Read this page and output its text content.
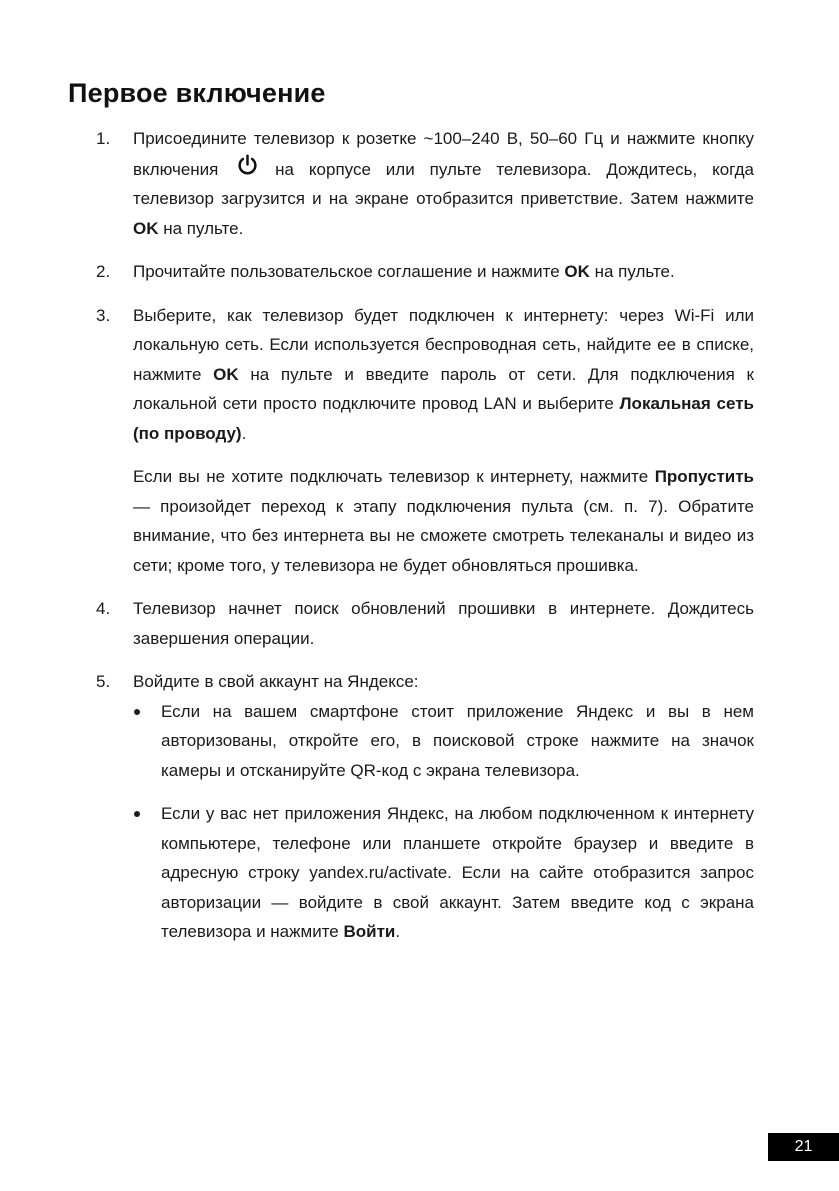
Первое включение
1. Присоедините телевизор к розетке ~100–240 В, 50–60 Гц и нажмите кнопку включения  на корпусе или пульте телевизора. Дождитесь, когда телевизор загрузится и на экране отобразится приветствие. Затем нажмите OK на пульте.

2. Прочитайте пользовательское соглашение и нажмите OK на пульте.

3. Выберите, как телевизор будет подключен к интернету: через Wi-Fi или локальную сеть. Если используется беспроводная сеть, найдите ее в списке, нажмите OK на пульте и введите пароль от сети. Для подключения к локальной сети просто подключите провод LAN и выберите Локальная сеть (по проводу).

Если вы не хотите подключать телевизор к интернету, нажмите Пропустить — произойдет переход к этапу подключения пульта (см. п. 7). Обратите внимание, что без интернета вы не сможете смотреть телеканалы и видео из сети; кроме того, у телевизора не будет обновляться прошивка.

4. Телевизор начнет поиск обновлений прошивки в интернете. Дождитесь завершения операции.

5. Войдите в свой аккаунт на Яндексе:

Если на вашем смартфоне стоит приложение Яндекс и вы в нем авторизованы, откройте его, в поисковой строке нажмите на значок камеры и отсканируйте QR-код с экрана телевизора.
Если у вас нет приложения Яндекс, на любом подключенном к интернету компьютере, телефоне или планшете откройте браузер и введите в адресную строку yandex.ru/activate. Если на сайте отобразится запрос авторизации — войдите в свой аккаунт. Затем введите код с экрана телевизора и нажмите Войти.
21
